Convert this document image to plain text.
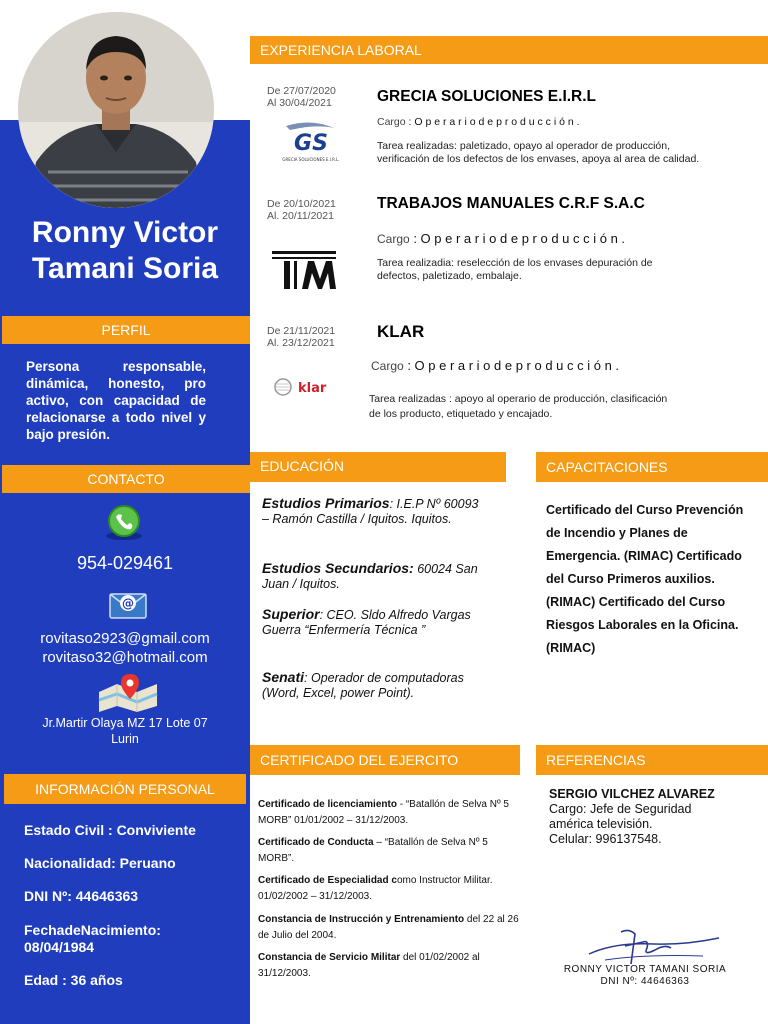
Ronny Victor
Tamani Soria
PERFIL
Persona responsable, dinámica, honesto, pro activo, con capacidad de relacionarse a todo nivel y bajo presión.
CONTACTO
954-029461
@
rovitaso2923@gmail.com
rovitaso32@hotmail.com
Jr.Martir Olaya MZ 17 Lote 07
Lurin
INFORMACIÓN PERSONAL
Estado Civil : Conviviente
Nacionalidad: Peruano
DNI Nº: 44646363
FechadeNacimiento:
08/04/1984
Edad : 36 años
EXPERIENCIA LABORAL
De 27/07/2020
Al 30/04/2021	GRECIA SOLUCIONES E.I.R.L
Cargo : O p e r a r i o d e p r o d u c c i ó n .
Tarea realizadas: paletizado, opayo al operador de producción, verificación de los defectos de los envases, apoya al area de calidad.
GS
GRECIA SOLUCIONES E.I.R.L.
De 20/10/2021
Al. 20/11/2021
TRABAJOS MANUALES C.R.F S.A.C
Cargo : O p e r a r i o d e p r o d u c c i ó n .
Tarea realizadia: reselección de los envases depuración de defectos, paletizado, embalaje.
De 21/11/2021
Al. 23/12/2021
KLAR
Cargo : O p e r a r i o d e p r o d u c c i ó n .
Tarea realizadas : apoyo al operario de producción, clasificación de los producto, etiquetado y encajado.
klar
EDUCACIÓN
Estudios Primarios: I.E.P Nº 60093 – Ramón Castilla / Iquitos. Iquitos.
Estudios Secundarios: 60024 San Juan / Iquitos.
Superior: CEO. Sldo Alfredo Vargas Guerra “Enfermería Técnica ”
Senati: Operador de computadoras (Word, Excel, power Point).
CAPACITACIONES
Certificado del Curso Prevención de Incendio y Planes de Emergencia. (RIMAC) Certificado del Curso Primeros auxilios. (RIMAC) Certificado del Curso Riesgos Laborales en la Oficina. (RIMAC)
CERTIFICADO DEL EJERCITO
Certificado de licenciamiento - “Batallón de Selva Nº 5 MORB” 01/01/2002 – 31/12/2003.
Certificado de Conducta – “Batallón de Selva Nº 5 MORB”.
Certificado de Especialidad como Instructor Militar. 01/02/2002 – 31/12/2003.
Constancia de Instrucción y Entrenamiento del 22 al 26 de Julio del 2004.
Constancia de Servicio Militar del 01/02/2002 al 31/12/2003.
REFERENCIAS
SERGIO VILCHEZ ALVAREZ
Cargo: Jefe de Seguridad
américa televisión.
Celular: 996137548.
RONNY VICTOR TAMANI SORIA
DNI Nº: 44646363
